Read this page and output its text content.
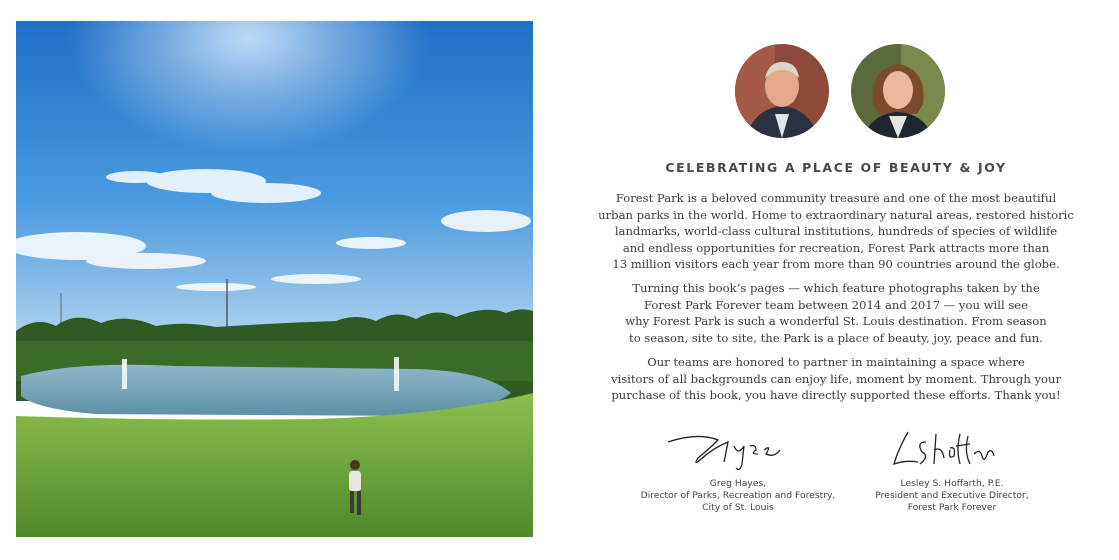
CELEBRATING A PLACE OF BEAUTY & JOY
Forest Park is a beloved community treasure and one of the most beautiful
urban parks in the world. Home to extraordinary natural areas, restored historic
landmarks, world-class cultural institutions, hundreds of species of wildlife
and endless opportunities for recreation, Forest Park attracts more than
13 million visitors each year from more than 90 countries around the globe.
Turning this book’s pages — which feature photographs taken by the
Forest Park Forever team between 2014 and 2017 — you will see
why Forest Park is such a wonderful St. Louis destination. From season
to season, site to site, the Park is a place of beauty, joy, peace and fun.
Our teams are honored to partner in maintaining a space where
visitors of all backgrounds can enjoy life, moment by moment. Through your
purchase of this book, you have directly supported these efforts. Thank you!
Greg Hayes,
Director of Parks, Recreation and Forestry,
City of St. Louis
Lesley S. Hoffarth, P.E.
President and Executive Director,
Forest Park Forever
